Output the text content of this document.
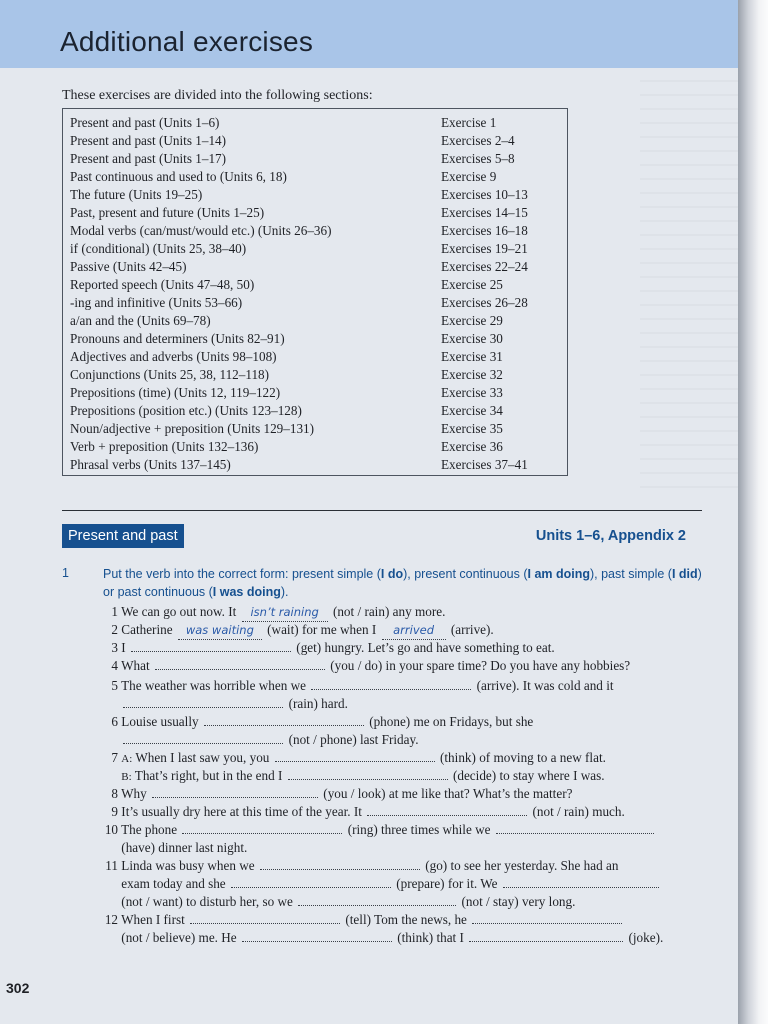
Additional exercises
These exercises are divided into the following sections:
Present and past (Units 1–6)	Exercise 1
Present and past (Units 1–14)	Exercises 2–4
Present and past (Units 1–17)	Exercises 5–8
Past continuous and used to (Units 6, 18)	Exercise 9
The future (Units 19–25)	Exercises 10–13
Past, present and future (Units 1–25)	Exercises 14–15
Modal verbs (can/must/would etc.) (Units 26–36)	Exercises 16–18
if (conditional) (Units 25, 38–40)	Exercises 19–21
Passive (Units 42–45)	Exercises 22–24
Reported speech (Units 47–48, 50)	Exercise 25
-ing and infinitive (Units 53–66)	Exercises 26–28
a/an and the (Units 69–78)	Exercise 29
Pronouns and determiners (Units 82–91)	Exercise 30
Adjectives and adverbs (Units 98–108)	Exercise 31
Conjunctions (Units 25, 38, 112–118)	Exercise 32
Prepositions (time) (Units 12, 119–122)	Exercise 33
Prepositions (position etc.) (Units 123–128)	Exercise 34
Noun/adjective + preposition (Units 129–131)	Exercise 35
Verb + preposition (Units 132–136)	Exercise 36
Phrasal verbs (Units 137–145)	Exercises 37–41
Present and past	Units 1–6, Appendix 2
1	Put the verb into the correct form: present simple (I do), present continuous (I am doing), past simple (I did) or past continuous (I was doing).
1 We can go out now. It isn’t raining (not / rain) any more.
2 Catherine was waiting (wait) for me when I arrived (arrive).
3 I	(get) hungry. Let’s go and have something to eat.
4 What	(you / do) in your spare time? Do you have any hobbies?
5 The weather was horrible when we	(arrive). It was cold and it
(rain) hard.
6 Louise usually	(phone) me on Fridays, but she
(not / phone) last Friday.
7 A: When I last saw you, you	(think) of moving to a new flat.
B: That’s right, but in the end I	(decide) to stay where I was.
8 Why	(you / look) at me like that? What’s the matter?
9 It’s usually dry here at this time of the year. It	(not / rain) much.
10 The phone	(ring) three times while we
(have) dinner last night.
11 Linda was busy when we	(go) to see her yesterday. She had an
exam today and she	(prepare) for it. We
(not / want) to disturb her, so we	(not / stay) very long.
12 When I first	(tell) Tom the news, he
(not / believe) me. He	(think) that I	(joke).
302
